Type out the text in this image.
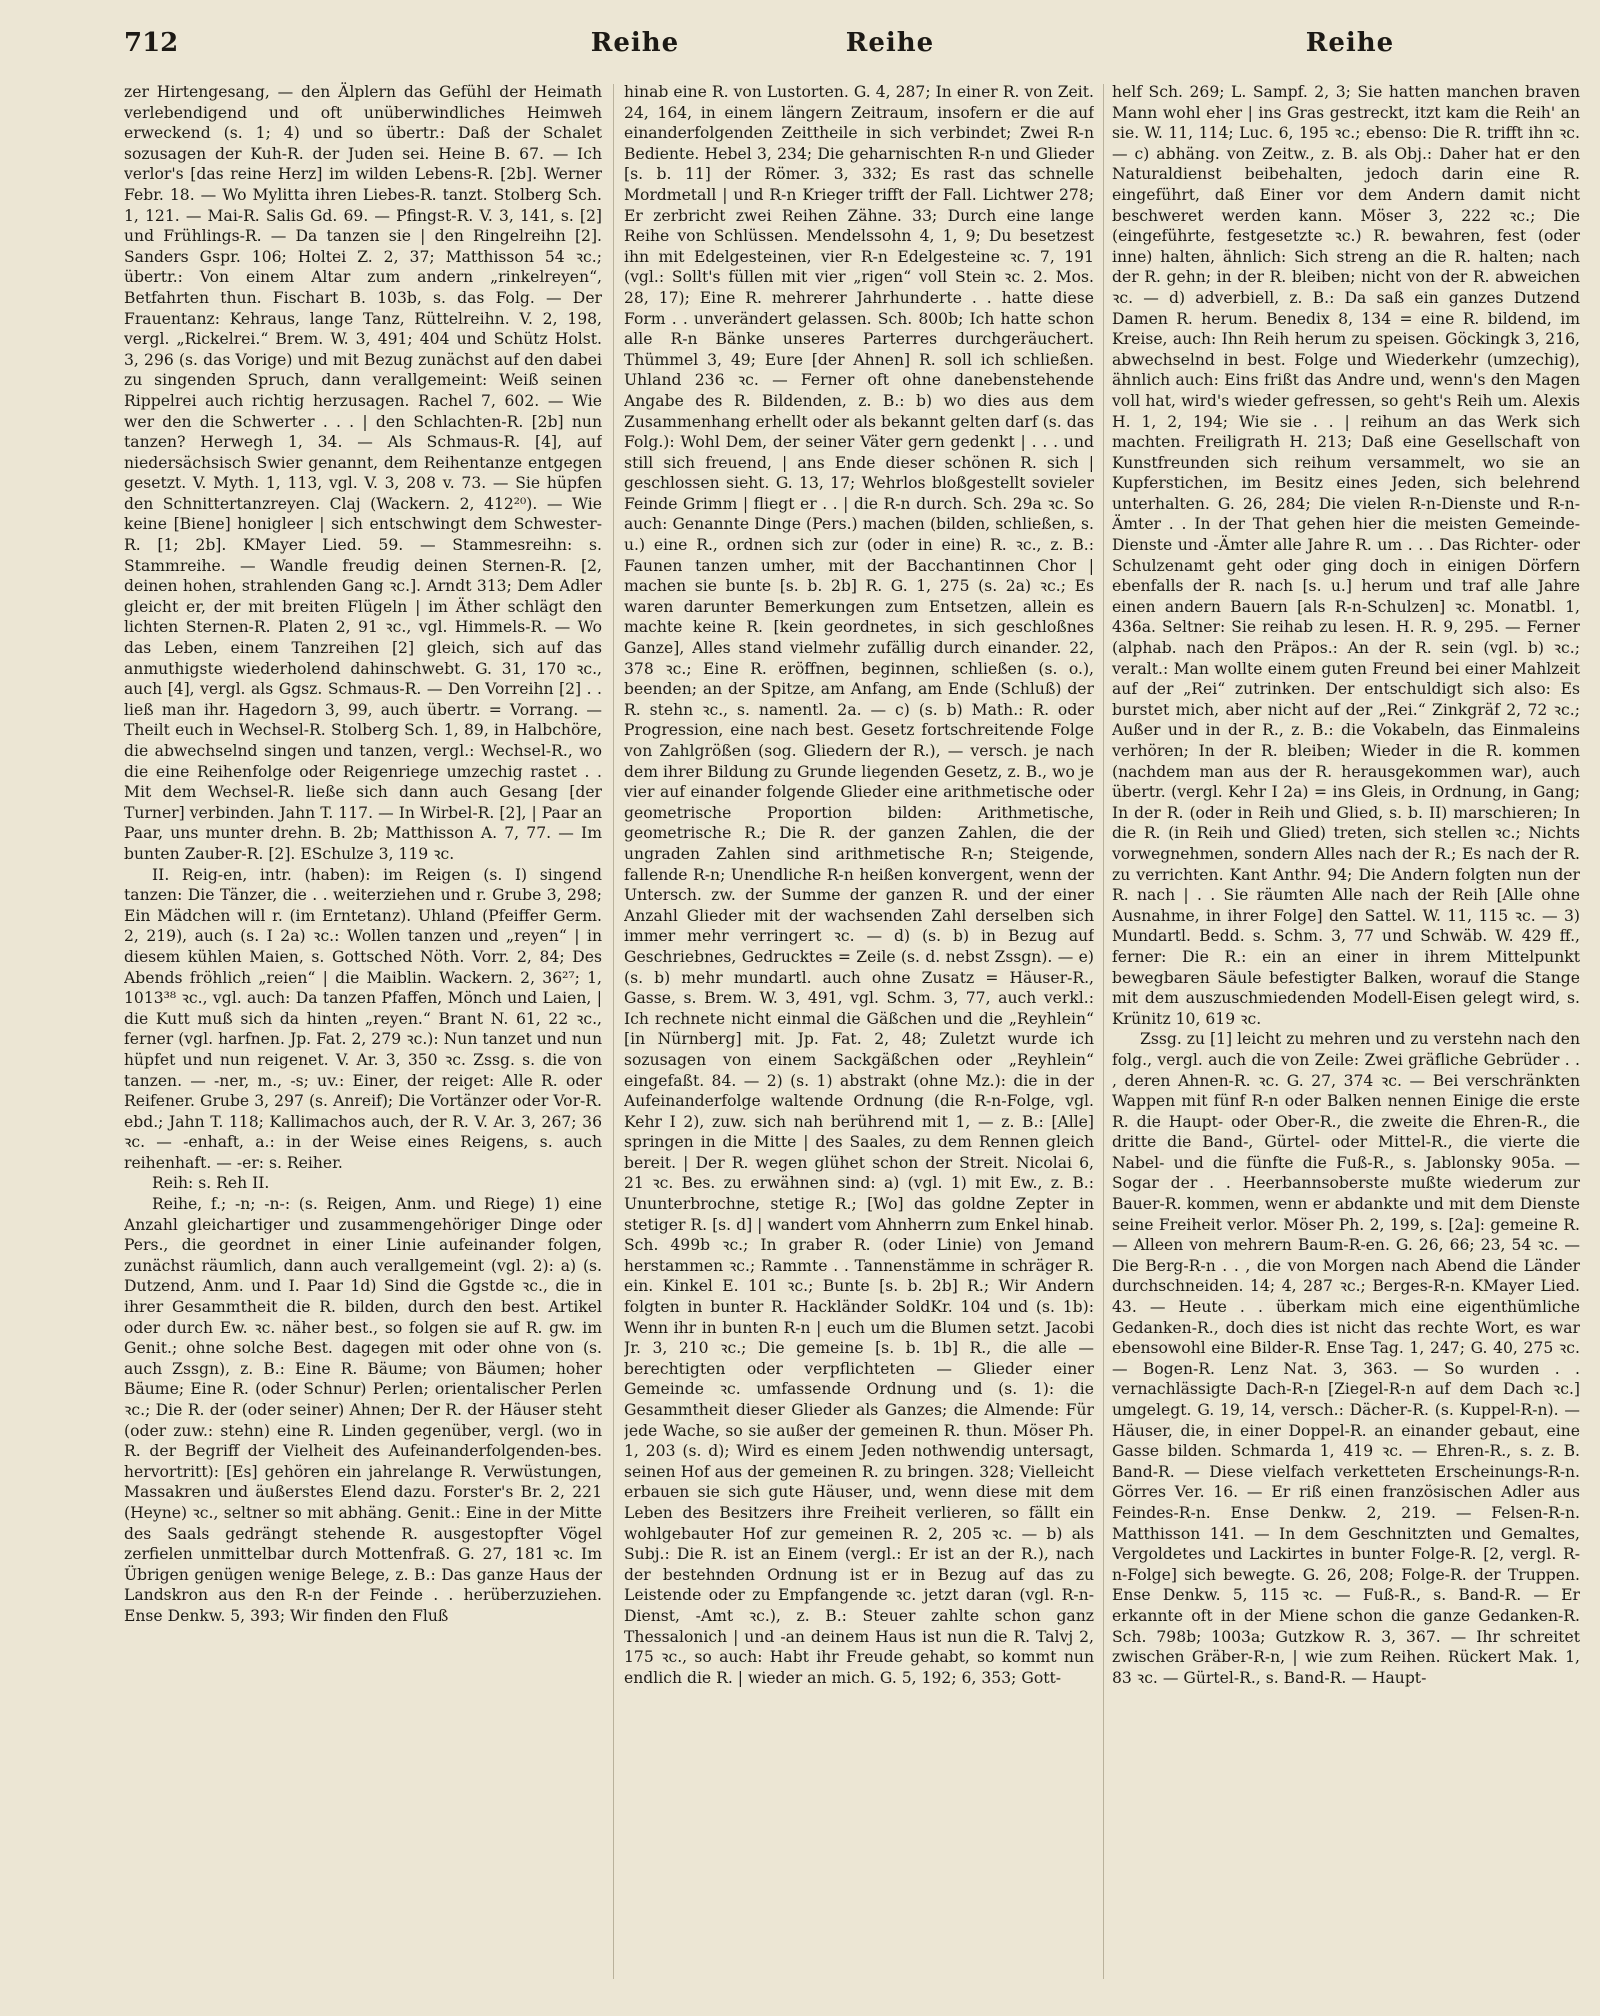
712	Reihe	Reihe	Reihe

zer Hirtengesang, — den Älplern das Gefühl der Heimath verlebendigend und oft unüberwindliches Heimweh erweckend (s. 1; 4) und so übertr.: Daß der Schalet sozusagen der Kuh-R. der Juden sei. Heine B. 67. — Ich verlor's [das reine Herz] im wilden Lebens-R. [2b]. Werner Febr. 18. — Wo Mylitta ihren Liebes-R. tanzt. Stolberg Sch. 1, 121. — Mai-R. Salis Gd. 69. — Pfingst-R. V. 3, 141, s. [2] und Frühlings-R. — Da tanzen sie | den Ringelreihn [2]. Sanders Gspr. 106; Holtei Z. 2, 37; Matthisson 54 ꝛc.; übertr.: Von einem Altar zum andern „rinkelreyen“, Betfahrten thun. Fischart B. 103b, s. das Folg. — Der Frauentanz: Kehraus, lange Tanz, Rüttelreihn. V. 2, 198, vergl. „Rickelrei.“ Brem. W. 3, 491; 404 und Schütz Holst. 3, 296 (s. das Vorige) und mit Bezug zunächst auf den dabei zu singenden Spruch, dann verallgemeint: Weiß seinen Rippelrei auch richtig herzusagen. Rachel 7, 602. — Wie wer den die Schwerter . . . | den Schlachten-R. [2b] nun tanzen? Herwegh 1, 34. — Als Schmaus-R. [4], auf niedersächsisch Swier genannt, dem Reihentanze entgegen gesetzt. V. Myth. 1, 113, vgl. V. 3, 208 v. 73. — Sie hüpfen den Schnittertanzreyen. Claj (Wackern. 2, 412²⁰). — Wie keine [Biene] honigleer | sich entschwingt dem Schwester-R. [1; 2b]. KMayer Lied. 59. — Stammesreihn: s. Stammreihe. — Wandle freudig deinen Sternen-R. [2, deinen hohen, strahlenden Gang ꝛc.]. Arndt 313; Dem Adler gleicht er, der mit breiten Flügeln | im Äther schlägt den lichten Sternen-R. Platen 2, 91 ꝛc., vgl. Himmels-R. — Wo das Leben, einem Tanzreihen [2] gleich, sich auf das anmuthigste wiederholend dahinschwebt. G. 31, 170 ꝛc., auch [4], vergl. als Ggsz. Schmaus-R. — Den Vorreihn [2] . . ließ man ihr. Hagedorn 3, 99, auch übertr. = Vorrang. — Theilt euch in Wechsel-R. Stolberg Sch. 1, 89, in Halbchöre, die abwechselnd singen und tanzen, vergl.: Wechsel-R., wo die eine Reihenfolge oder Reigenriege umzechig rastet . . Mit dem Wechsel-R. ließe sich dann auch Gesang [der Turner] verbinden. Jahn T. 117. — In Wirbel-R. [2], | Paar an Paar, uns munter drehn. B. 2b; Matthisson A. 7, 77. — Im bunten Zauber-R. [2]. ESchulze 3, 119 ꝛc.

II. Reig-en, intr. (haben): im Reigen (s. I) singend tanzen: Die Tänzer, die . . weiterziehen und r. Grube 3, 298; Ein Mädchen will r. (im Erntetanz). Uhland (Pfeiffer Germ. 2, 219), auch (s. I 2a) ꝛc.: Wollen tanzen und „reyen“ | in diesem kühlen Maien, s. Gottsched Nöth. Vorr. 2, 84; Des Abends fröhlich „reien“ | die Maiblin. Wackern. 2, 36²⁷; 1, 1013³⁸ ꝛc., vgl. auch: Da tanzen Pfaffen, Mönch und Laien, | die Kutt muß sich da hinten „reyen.“ Brant N. 61, 22 ꝛc., ferner (vgl. harfnen. Jp. Fat. 2, 279 ꝛc.): Nun tanzet und nun hüpfet und nun reigenet. V. Ar. 3, 350 ꝛc. Zssg. s. die von tanzen. — -ner, m., -s; uv.: Einer, der reiget: Alle R. oder Reifener. Grube 3, 297 (s. Anreif); Die Vortänzer oder Vor-R. ebd.; Jahn T. 118; Kallimachos auch, der R. V. Ar. 3, 267; 36 ꝛc. — -enhaft, a.: in der Weise eines Reigens, s. auch reihenhaft. — -er: s. Reiher.

Reih: s. Reh II.

Reihe, f.; -n; -n-: (s. Reigen, Anm. und Riege) 1) eine Anzahl gleichartiger und zusammengehöriger Dinge oder Pers., die geordnet in einer Linie aufeinander folgen, zunächst räumlich, dann auch verallgemeint (vgl. 2): a) (s. Dutzend, Anm. und I. Paar 1d) Sind die Ggstde ꝛc., die in ihrer Gesammtheit die R. bilden, durch den best. Artikel oder durch Ew. ꝛc. näher best., so folgen sie auf R. gw. im Genit.; ohne solche Best. dagegen mit oder ohne von (s. auch Zssgn), z. B.: Eine R. Bäume; von Bäumen; hoher Bäume; Eine R. (oder Schnur) Perlen; orientalischer Perlen ꝛc.; Die R. der (oder seiner) Ahnen; Der R. der Häuser steht (oder zuw.: stehn) eine R. Linden gegenüber, vergl. (wo in R. der Begriff der Vielheit des Aufeinanderfolgenden-bes. hervortritt): [Es] gehören ein jahrelange R. Verwüstungen, Massakren und äußerstes Elend dazu. Forster's Br. 2, 221 (Heyne) ꝛc., seltner so mit abhäng. Genit.: Eine in der Mitte des Saals gedrängt stehende R. ausgestopfter Vögel zerfielen unmittelbar durch Mottenfraß. G. 27, 181 ꝛc. Im Übrigen genügen wenige Belege, z. B.: Das ganze Haus der Landskron aus den R-n der Feinde . . herüberzuziehen. Ense Denkw. 5, 393; Wir finden den Fluß

hinab eine R. von Lustorten. G. 4, 287; In einer R. von Zeit. 24, 164, in einem längern Zeitraum, insofern er die auf einanderfolgenden Zeittheile in sich verbindet; Zwei R-n Bediente. Hebel 3, 234; Die geharnischten R-n und Glieder [s. b. 11] der Römer. 3, 332; Es rast das schnelle Mordmetall | und R-n Krieger trifft der Fall. Lichtwer 278; Er zerbricht zwei Reihen Zähne. 33; Durch eine lange Reihe von Schlüssen. Mendelssohn 4, 1, 9; Du besetzest ihn mit Edelgesteinen, vier R-n Edelgesteine ꝛc. 7, 191 (vgl.: Sollt's füllen mit vier „rigen“ voll Stein ꝛc. 2. Mos. 28, 17); Eine R. mehrerer Jahrhunderte . . hatte diese Form . . unverändert gelassen. Sch. 800b; Ich hatte schon alle R-n Bänke unseres Parterres durchgeräuchert. Thümmel 3, 49; Eure [der Ahnen] R. soll ich schließen. Uhland 236 ꝛc. — Ferner oft ohne danebenstehende Angabe des R. Bildenden, z. B.: b) wo dies aus dem Zusammenhang erhellt oder als bekannt gelten darf (s. das Folg.): Wohl Dem, der seiner Väter gern gedenkt | . . . und still sich freuend, | ans Ende dieser schönen R. sich | geschlossen sieht. G. 13, 17; Wehrlos bloßgestellt sovieler Feinde Grimm | fliegt er . . | die R-n durch. Sch. 29a ꝛc. So auch: Genannte Dinge (Pers.) machen (bilden, schließen, s. u.) eine R., ordnen sich zur (oder in eine) R. ꝛc., z. B.: Faunen tanzen umher, mit der Bacchantinnen Chor | machen sie bunte [s. b. 2b] R. G. 1, 275 (s. 2a) ꝛc.; Es waren darunter Bemerkungen zum Entsetzen, allein es machte keine R. [kein geordnetes, in sich geschloßnes Ganze], Alles stand vielmehr zufällig durch einander. 22, 378 ꝛc.; Eine R. eröffnen, beginnen, schließen (s. o.), beenden; an der Spitze, am Anfang, am Ende (Schluß) der R. stehn ꝛc., s. namentl. 2a. — c) (s. b) Math.: R. oder Progression, eine nach best. Gesetz fortschreitende Folge von Zahlgrößen (sog. Gliedern der R.), — versch. je nach dem ihrer Bildung zu Grunde liegenden Gesetz, z. B., wo je vier auf einander folgende Glieder eine arithmetische oder geometrische Proportion bilden: Arithmetische, geometrische R.; Die R. der ganzen Zahlen, die der ungraden Zahlen sind arithmetische R-n; Steigende, fallende R-n; Unendliche R-n heißen konvergent, wenn der Untersch. zw. der Summe der ganzen R. und der einer Anzahl Glieder mit der wachsenden Zahl derselben sich immer mehr verringert ꝛc. — d) (s. b) in Bezug auf Geschriebnes, Gedrucktes = Zeile (s. d. nebst Zssgn). — e) (s. b) mehr mundartl. auch ohne Zusatz = Häuser-R., Gasse, s. Brem. W. 3, 491, vgl. Schm. 3, 77, auch verkl.: Ich rechnete nicht einmal die Gäßchen und die „Reyhlein“ [in Nürnberg] mit. Jp. Fat. 2, 48; Zuletzt wurde ich sozusagen von einem Sackgäßchen oder „Reyhlein“ eingefaßt. 84. — 2) (s. 1) abstrakt (ohne Mz.): die in der Aufeinanderfolge waltende Ordnung (die R-n-Folge, vgl. Kehr I 2), zuw. sich nah berührend mit 1, — z. B.: [Alle] springen in die Mitte | des Saales, zu dem Rennen gleich bereit. | Der R. wegen glühet schon der Streit. Nicolai 6, 21 ꝛc. Bes. zu erwähnen sind: a) (vgl. 1) mit Ew., z. B.: Ununterbrochne, stetige R.; [Wo] das goldne Zepter in stetiger R. [s. d] | wandert vom Ahnherrn zum Enkel hinab. Sch. 499b ꝛc.; In graber R. (oder Linie) von Jemand herstammen ꝛc.; Rammte . . Tannenstämme in schräger R. ein. Kinkel E. 101 ꝛc.; Bunte [s. b. 2b] R.; Wir Andern folgten in bunter R. Hackländer SoldKr. 104 und (s. 1b): Wenn ihr in bunten R-n | euch um die Blumen setzt. Jacobi Jr. 3, 210 ꝛc.; Die gemeine [s. b. 1b] R., die alle — berechtigten oder verpflichteten — Glieder einer Gemeinde ꝛc. umfassende Ordnung und (s. 1): die Gesammtheit dieser Glieder als Ganzes; die Almende: Für jede Wache, so sie außer der gemeinen R. thun. Möser Ph. 1, 203 (s. d); Wird es einem Jeden nothwendig untersagt, seinen Hof aus der gemeinen R. zu bringen. 328; Vielleicht erbauen sie sich gute Häuser, und, wenn diese mit dem Leben des Besitzers ihre Freiheit verlieren, so fällt ein wohlgebauter Hof zur gemeinen R. 2, 205 ꝛc. — b) als Subj.: Die R. ist an Einem (vergl.: Er ist an der R.), nach der bestehnden Ordnung ist er in Bezug auf das zu Leistende oder zu Empfangende ꝛc. jetzt daran (vgl. R-n-Dienst, -Amt ꝛc.), z. B.: Steuer zahlte schon ganz Thessalonich | und -an deinem Haus ist nun die R. Talvj 2, 175 ꝛc., so auch: Habt ihr Freude gehabt, so kommt nun endlich die R. | wieder an mich. G. 5, 192; 6, 353; Gott-

helf Sch. 269; L. Sampf. 2, 3; Sie hatten manchen braven Mann wohl eher | ins Gras gestreckt, itzt kam die Reih' an sie. W. 11, 114; Luc. 6, 195 ꝛc.; ebenso: Die R. trifft ihn ꝛc. — c) abhäng. von Zeitw., z. B. als Obj.: Daher hat er den Naturaldienst beibehalten, jedoch darin eine R. eingeführt, daß Einer vor dem Andern damit nicht beschweret werden kann. Möser 3, 222 ꝛc.; Die (eingeführte, festgesetzte ꝛc.) R. bewahren, fest (oder inne) halten, ähnlich: Sich streng an die R. halten; nach der R. gehn; in der R. bleiben; nicht von der R. abweichen ꝛc. — d) adverbiell, z. B.: Da saß ein ganzes Dutzend Damen R. herum. Benedix 8, 134 = eine R. bildend, im Kreise, auch: Ihn Reih herum zu speisen. Göckingk 3, 216, abwechselnd in best. Folge und Wiederkehr (umzechig), ähnlich auch: Eins frißt das Andre und, wenn's den Magen voll hat, wird's wieder gefressen, so geht's Reih um. Alexis H. 1, 2, 194; Wie sie . . | reihum an das Werk sich machten. Freiligrath H. 213; Daß eine Gesellschaft von Kunstfreunden sich reihum versammelt, wo sie an Kupferstichen, im Besitz eines Jeden, sich belehrend unterhalten. G. 26, 284; Die vielen R-n-Dienste und R-n-Ämter . . In der That gehen hier die meisten Gemeinde-Dienste und -Ämter alle Jahre R. um . . . Das Richter- oder Schulzenamt geht oder ging doch in einigen Dörfern ebenfalls der R. nach [s. u.] herum und traf alle Jahre einen andern Bauern [als R-n-Schulzen] ꝛc. Monatbl. 1, 436a. Seltner: Sie reihab zu lesen. H. R. 9, 295. — Ferner (alphab. nach den Präpos.: An der R. sein (vgl. b) ꝛc.; veralt.: Man wollte einem guten Freund bei einer Mahlzeit auf der „Rei“ zutrinken. Der entschuldigt sich also: Es burstet mich, aber nicht auf der „Rei.“ Zinkgräf 2, 72 ꝛc.; Außer und in der R., z. B.: die Vokabeln, das Einmaleins verhören; In der R. bleiben; Wieder in die R. kommen (nachdem man aus der R. herausgekommen war), auch übertr. (vergl. Kehr I 2a) = ins Gleis, in Ordnung, in Gang; In der R. (oder in Reih und Glied, s. b. II) marschieren; In die R. (in Reih und Glied) treten, sich stellen ꝛc.; Nichts vorwegnehmen, sondern Alles nach der R.; Es nach der R. zu verrichten. Kant Anthr. 94; Die Andern folgten nun der R. nach | . . Sie räumten Alle nach der Reih [Alle ohne Ausnahme, in ihrer Folge] den Sattel. W. 11, 115 ꝛc. — 3) Mundartl. Bedd. s. Schm. 3, 77 und Schwäb. W. 429 ff., ferner: Die R.: ein an einer in ihrem Mittelpunkt bewegbaren Säule befestigter Balken, worauf die Stange mit dem auszuschmiedenden Modell-Eisen gelegt wird, s. Krünitz 10, 619 ꝛc.

Zssg. zu [1] leicht zu mehren und zu verstehn nach den folg., vergl. auch die von Zeile: Zwei gräfliche Gebrüder . . , deren Ahnen-R. ꝛc. G. 27, 374 ꝛc. — Bei verschränkten Wappen mit fünf R-n oder Balken nennen Einige die erste R. die Haupt- oder Ober-R., die zweite die Ehren-R., die dritte die Band-, Gürtel- oder Mittel-R., die vierte die Nabel- und die fünfte die Fuß-R., s. Jablonsky 905a. — Sogar der . . Heerbannsoberste mußte wiederum zur Bauer-R. kommen, wenn er abdankte und mit dem Dienste seine Freiheit verlor. Möser Ph. 2, 199, s. [2a]: gemeine R. — Alleen von mehrern Baum-R-en. G. 26, 66; 23, 54 ꝛc. — Die Berg-R-n . . , die von Morgen nach Abend die Länder durchschneiden. 14; 4, 287 ꝛc.; Berges-R-n. KMayer Lied. 43. — Heute . . überkam mich eine eigenthümliche Gedanken-R., doch dies ist nicht das rechte Wort, es war ebensowohl eine Bilder-R. Ense Tag. 1, 247; G. 40, 275 ꝛc. — Bogen-R. Lenz Nat. 3, 363. — So wurden . . vernachlässigte Dach-R-n [Ziegel-R-n auf dem Dach ꝛc.] umgelegt. G. 19, 14, versch.: Dächer-R. (s. Kuppel-R-n). — Häuser, die, in einer Doppel-R. an einander gebaut, eine Gasse bilden. Schmarda 1, 419 ꝛc. — Ehren-R., s. z. B. Band-R. — Diese vielfach verketteten Erscheinungs-R-n. Görres Ver. 16. — Er riß einen französischen Adler aus Feindes-R-n. Ense Denkw. 2, 219. — Felsen-R-n. Matthisson 141. — In dem Geschnitzten und Gemaltes, Vergoldetes und Lackirtes in bunter Folge-R. [2, vergl. R-n-Folge] sich bewegte. G. 26, 208; Folge-R. der Truppen. Ense Denkw. 5, 115 ꝛc. — Fuß-R., s. Band-R. — Er erkannte oft in der Miene schon die ganze Gedanken-R. Sch. 798b; 1003a; Gutzkow R. 3, 367. — Ihr schreitet zwischen Gräber-R-n, | wie zum Reihen. Rückert Mak. 1, 83 ꝛc. — Gürtel-R., s. Band-R. — Haupt-
